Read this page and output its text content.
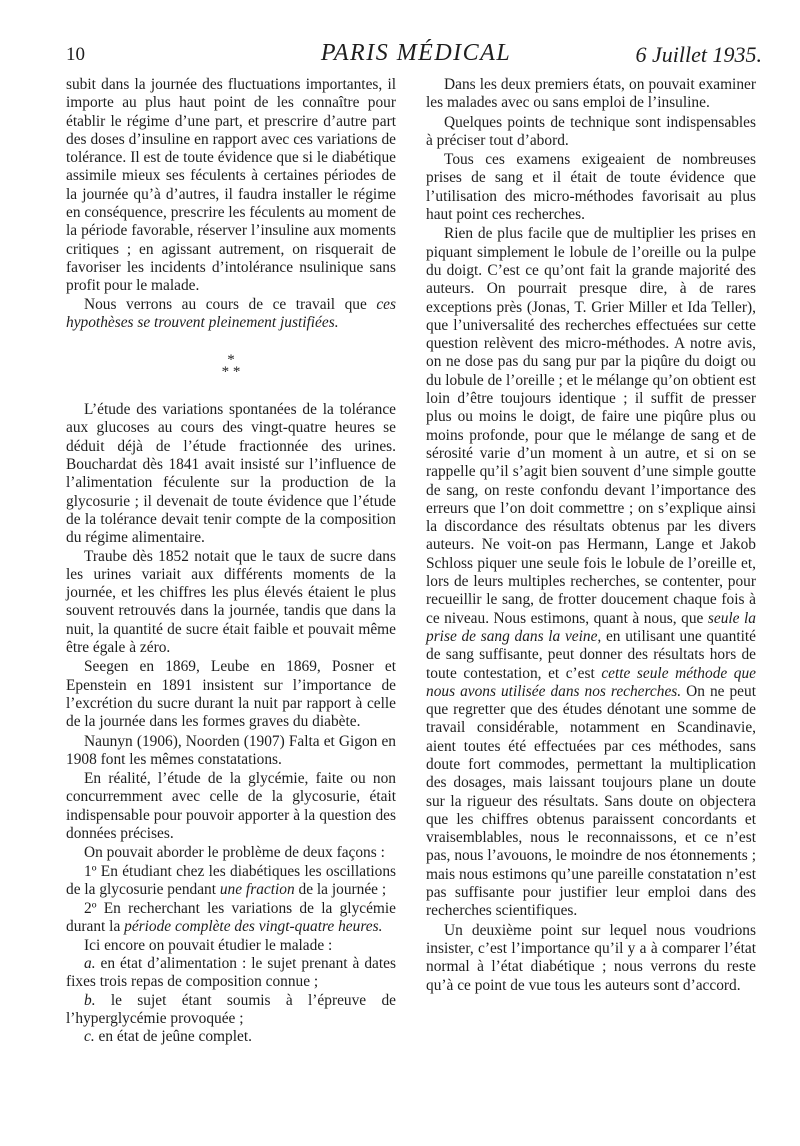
10	PARIS MÉDICAL	6 Juillet 1935.

subit dans la journée des fluctuations importantes, il importe au plus haut point de les connaître pour établir le régime d’une part, et prescrire d’autre part des doses d’insuline en rapport avec ces variations de tolérance. Il est de toute évidence que si le diabétique assimile mieux ses féculents à certaines périodes de la journée qu’à d’autres, il faudra installer le régime en conséquence, prescrire les féculents au moment de la période favorable, réserver l’insuline aux moments critiques ; en agissant autrement, on risquerait de favoriser les incidents d’intolérance nsulinique sans profit pour le malade.

Nous verrons au cours de ce travail que ces hypothèses se trouvent pleinement justifiées.

*
* *

L’étude des variations spontanées de la tolérance aux glucoses au cours des vingt-quatre heures se déduit déjà de l’étude fractionnée des urines. Bouchardat dès 1841 avait insisté sur l’influence de l’alimentation féculente sur la production de la glycosurie ; il devenait de toute évidence que l’étude de la tolérance devait tenir compte de la composition du régime alimentaire.

Traube dès 1852 notait que le taux de sucre dans les urines variait aux différents moments de la journée, et les chiffres les plus élevés étaient le plus souvent retrouvés dans la journée, tandis que dans la nuit, la quantité de sucre était faible et pouvait même être égale à zéro.

Seegen en 1869, Leube en 1869, Posner et Epenstein en 1891 insistent sur l’importance de l’excrétion du sucre durant la nuit par rapport à celle de la journée dans les formes graves du diabète.

Naunyn (1906), Noorden (1907) Falta et Gigon en 1908 font les mêmes constatations.

En réalité, l’étude de la glycémie, faite ou non concurremment avec celle de la glycosurie, était indispensable pour pouvoir apporter à la question des données précises.

On pouvait aborder le problème de deux façons :

1º En étudiant chez les diabétiques les oscillations de la glycosurie pendant une fraction de la journée ;

2º En recherchant les variations de la glycémie durant la période complète des vingt-quatre heures.

Ici encore on pouvait étudier le malade :

a. en état d’alimentation : le sujet prenant à dates fixes trois repas de composition connue ;

b. le sujet étant soumis à l’épreuve de l’hyperglycémie provoquée ;

c. en état de jeûne complet.

Dans les deux premiers états, on pouvait examiner les malades avec ou sans emploi de l’insuline.

Quelques points de technique sont indispensables à préciser tout d’abord.

Tous ces examens exigeaient de nombreuses prises de sang et il était de toute évidence que l’utilisation des micro-méthodes favorisait au plus haut point ces recherches.

Rien de plus facile que de multiplier les prises en piquant simplement le lobule de l’oreille ou la pulpe du doigt. C’est ce qu’ont fait la grande majorité des auteurs. On pourrait presque dire, à de rares exceptions près (Jonas, T. Grier Miller et Ida Teller), que l’universalité des recherches effectuées sur cette question relèvent des micro-méthodes. A notre avis, on ne dose pas du sang pur par la piqûre du doigt ou du lobule de l’oreille ; et le mélange qu’on obtient est loin d’être toujours identique ; il suffit de presser plus ou moins le doigt, de faire une piqûre plus ou moins profonde, pour que le mélange de sang et de sérosité varie d’un moment à un autre, et si on se rappelle qu’il s’agit bien souvent d’une simple goutte de sang, on reste confondu devant l’importance des erreurs que l’on doit commettre ; on s’explique ainsi la discordance des résultats obtenus par les divers auteurs. Ne voit-on pas Hermann, Lange et Jakob Schloss piquer une seule fois le lobule de l’oreille et, lors de leurs multiples recherches, se contenter, pour recueillir le sang, de frotter doucement chaque fois à ce niveau. Nous estimons, quant à nous, que seule la prise de sang dans la veine, en utilisant une quantité de sang suffisante, peut donner des résultats hors de toute contestation, et c’est cette seule méthode que nous avons utilisée dans nos recherches. On ne peut que regretter que des études dénotant une somme de travail considérable, notamment en Scandinavie, aient toutes été effectuées par ces méthodes, sans doute fort commodes, permettant la multiplication des dosages, mais laissant toujours plane un doute sur la rigueur des résultats. Sans doute on objectera que les chiffres obtenus paraissent concordants et vraisemblables, nous le reconnaissons, et ce n’est pas, nous l’avouons, le moindre de nos étonnements ; mais nous estimons qu’une pareille constatation n’est pas suffisante pour justifier leur emploi dans des recherches scientifiques.

Un deuxième point sur lequel nous voudrions insister, c’est l’importance qu’il y a à comparer l’état normal à l’état diabétique ; nous verrons du reste qu’à ce point de vue tous les auteurs sont d’accord.
